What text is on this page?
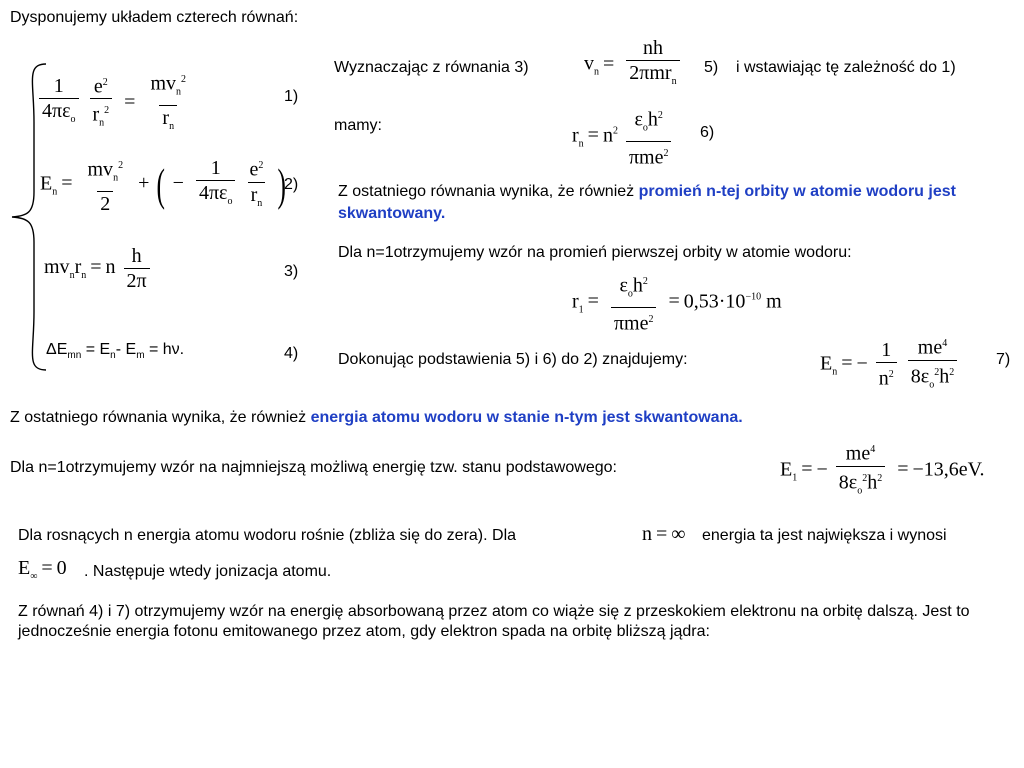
Dysponujemy układem czterech równań:
$\frac{1}{4\pi\varepsilon_o}$
$\frac{e^2}{r_n^2} = \frac{mv_n^2}{r_n}$	1)
$E_n = \frac{mv_n^2}{2}$ + ( − $\frac{1}{4\pi\varepsilon_o}$
$\frac{e^2}{r_n}$ )
2)
$mv_nr_n = n \frac{h}{2\pi}$	3)
$\Delta E_{mn} = E_n-$ $E_m = h\nu$.	4)
Wyznaczając z równania 3)	$v_n = \frac{nh}{2\pi mr_n} 5$) i wstawiając tę zależność do 1)
mamy:	$r_n = n^2 \frac{\varepsilon_oh^2}{\pi me^2} 6$)
Z ostatniego równania wynika, że również promień n-tej orbity w atomie wodoru jest skwantowany.
Dla n=1otrzymujemy wzór na promień pierwszej orbity w atomie wodoru:
$r_1 = \frac{\varepsilon_oh^2}{\pi me^2} = 0,53\cdot 10^{-10}$ m
Dokonując podstawienia 5) i 6) do 2) znajdujemy:	$E_n$ = − $\frac{1}{n^2}$
$\frac{me^4}{8\varepsilon_o^2h^2} 7$)
Z ostatniego równania wynika, że również energia atomu wodoru w stanie n-tym jest skwantowana.
Dla n=1otrzymujemy wzór na najmniejszą możliwą energię tzw. stanu podstawowego:	$E_1$ = − $\frac{me^4}{8\varepsilon_o^2h^2} = -13,6eV$.
Dla rosnących n energia atomu wodoru rośnie (zbliża się do zera). Dla	n = ∞ energia ta jest największa i wynosi
$E_\infty = 0$ . Następuje wtedy jonizacja atomu.
Z równań 4) i 7) otrzymujemy wzór na energię absorbowaną przez atom co wiąże się z przeskokiem elektronu na orbitę dalszą. Jest to jednocześnie energia fotonu emitowanego przez atom, gdy elektron spada na orbitę bliższą jądra:
